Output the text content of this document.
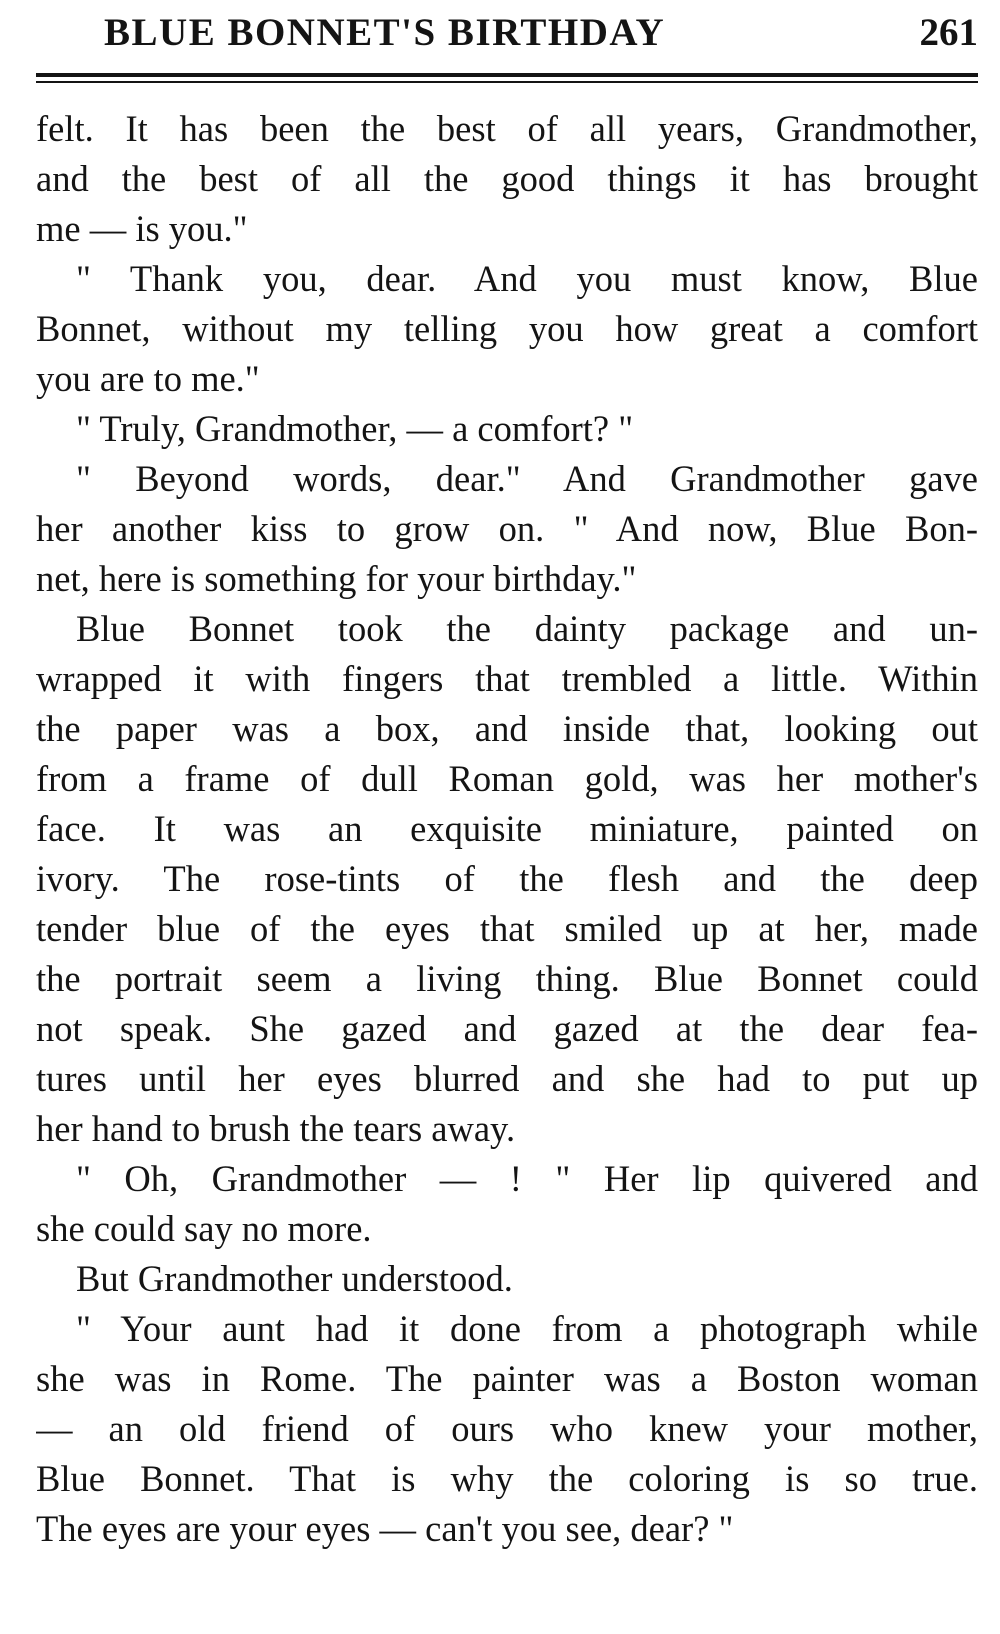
BLUE BONNET'S BIRTHDAY	261
felt. It has been the best of all years, Grandmother,
and the best of all the good things it has brought
me — is you."
" Thank you, dear. And you must know, Blue
Bonnet, without my telling you how great a comfort
you are to me."
" Truly, Grandmother, — a comfort? "
" Beyond words, dear." And Grandmother gave
her another kiss to grow on. " And now, Blue Bon-
net, here is something for your birthday."
Blue Bonnet took the dainty package and un-
wrapped it with fingers that trembled a little. Within
the paper was a box, and inside that, looking out
from a frame of dull Roman gold, was her mother's
face. It was an exquisite miniature, painted on
ivory. The rose-tints of the flesh and the deep
tender blue of the eyes that smiled up at her, made
the portrait seem a living thing. Blue Bonnet could
not speak. She gazed and gazed at the dear fea-
tures until her eyes blurred and she had to put up
her hand to brush the tears away.
" Oh, Grandmother — ! " Her lip quivered and
she could say no more.
But Grandmother understood.
" Your aunt had it done from a photograph while
she was in Rome. The painter was a Boston woman
— an old friend of ours who knew your mother,
Blue Bonnet. That is why the coloring is so true.
The eyes are your eyes — can't you see, dear? "
